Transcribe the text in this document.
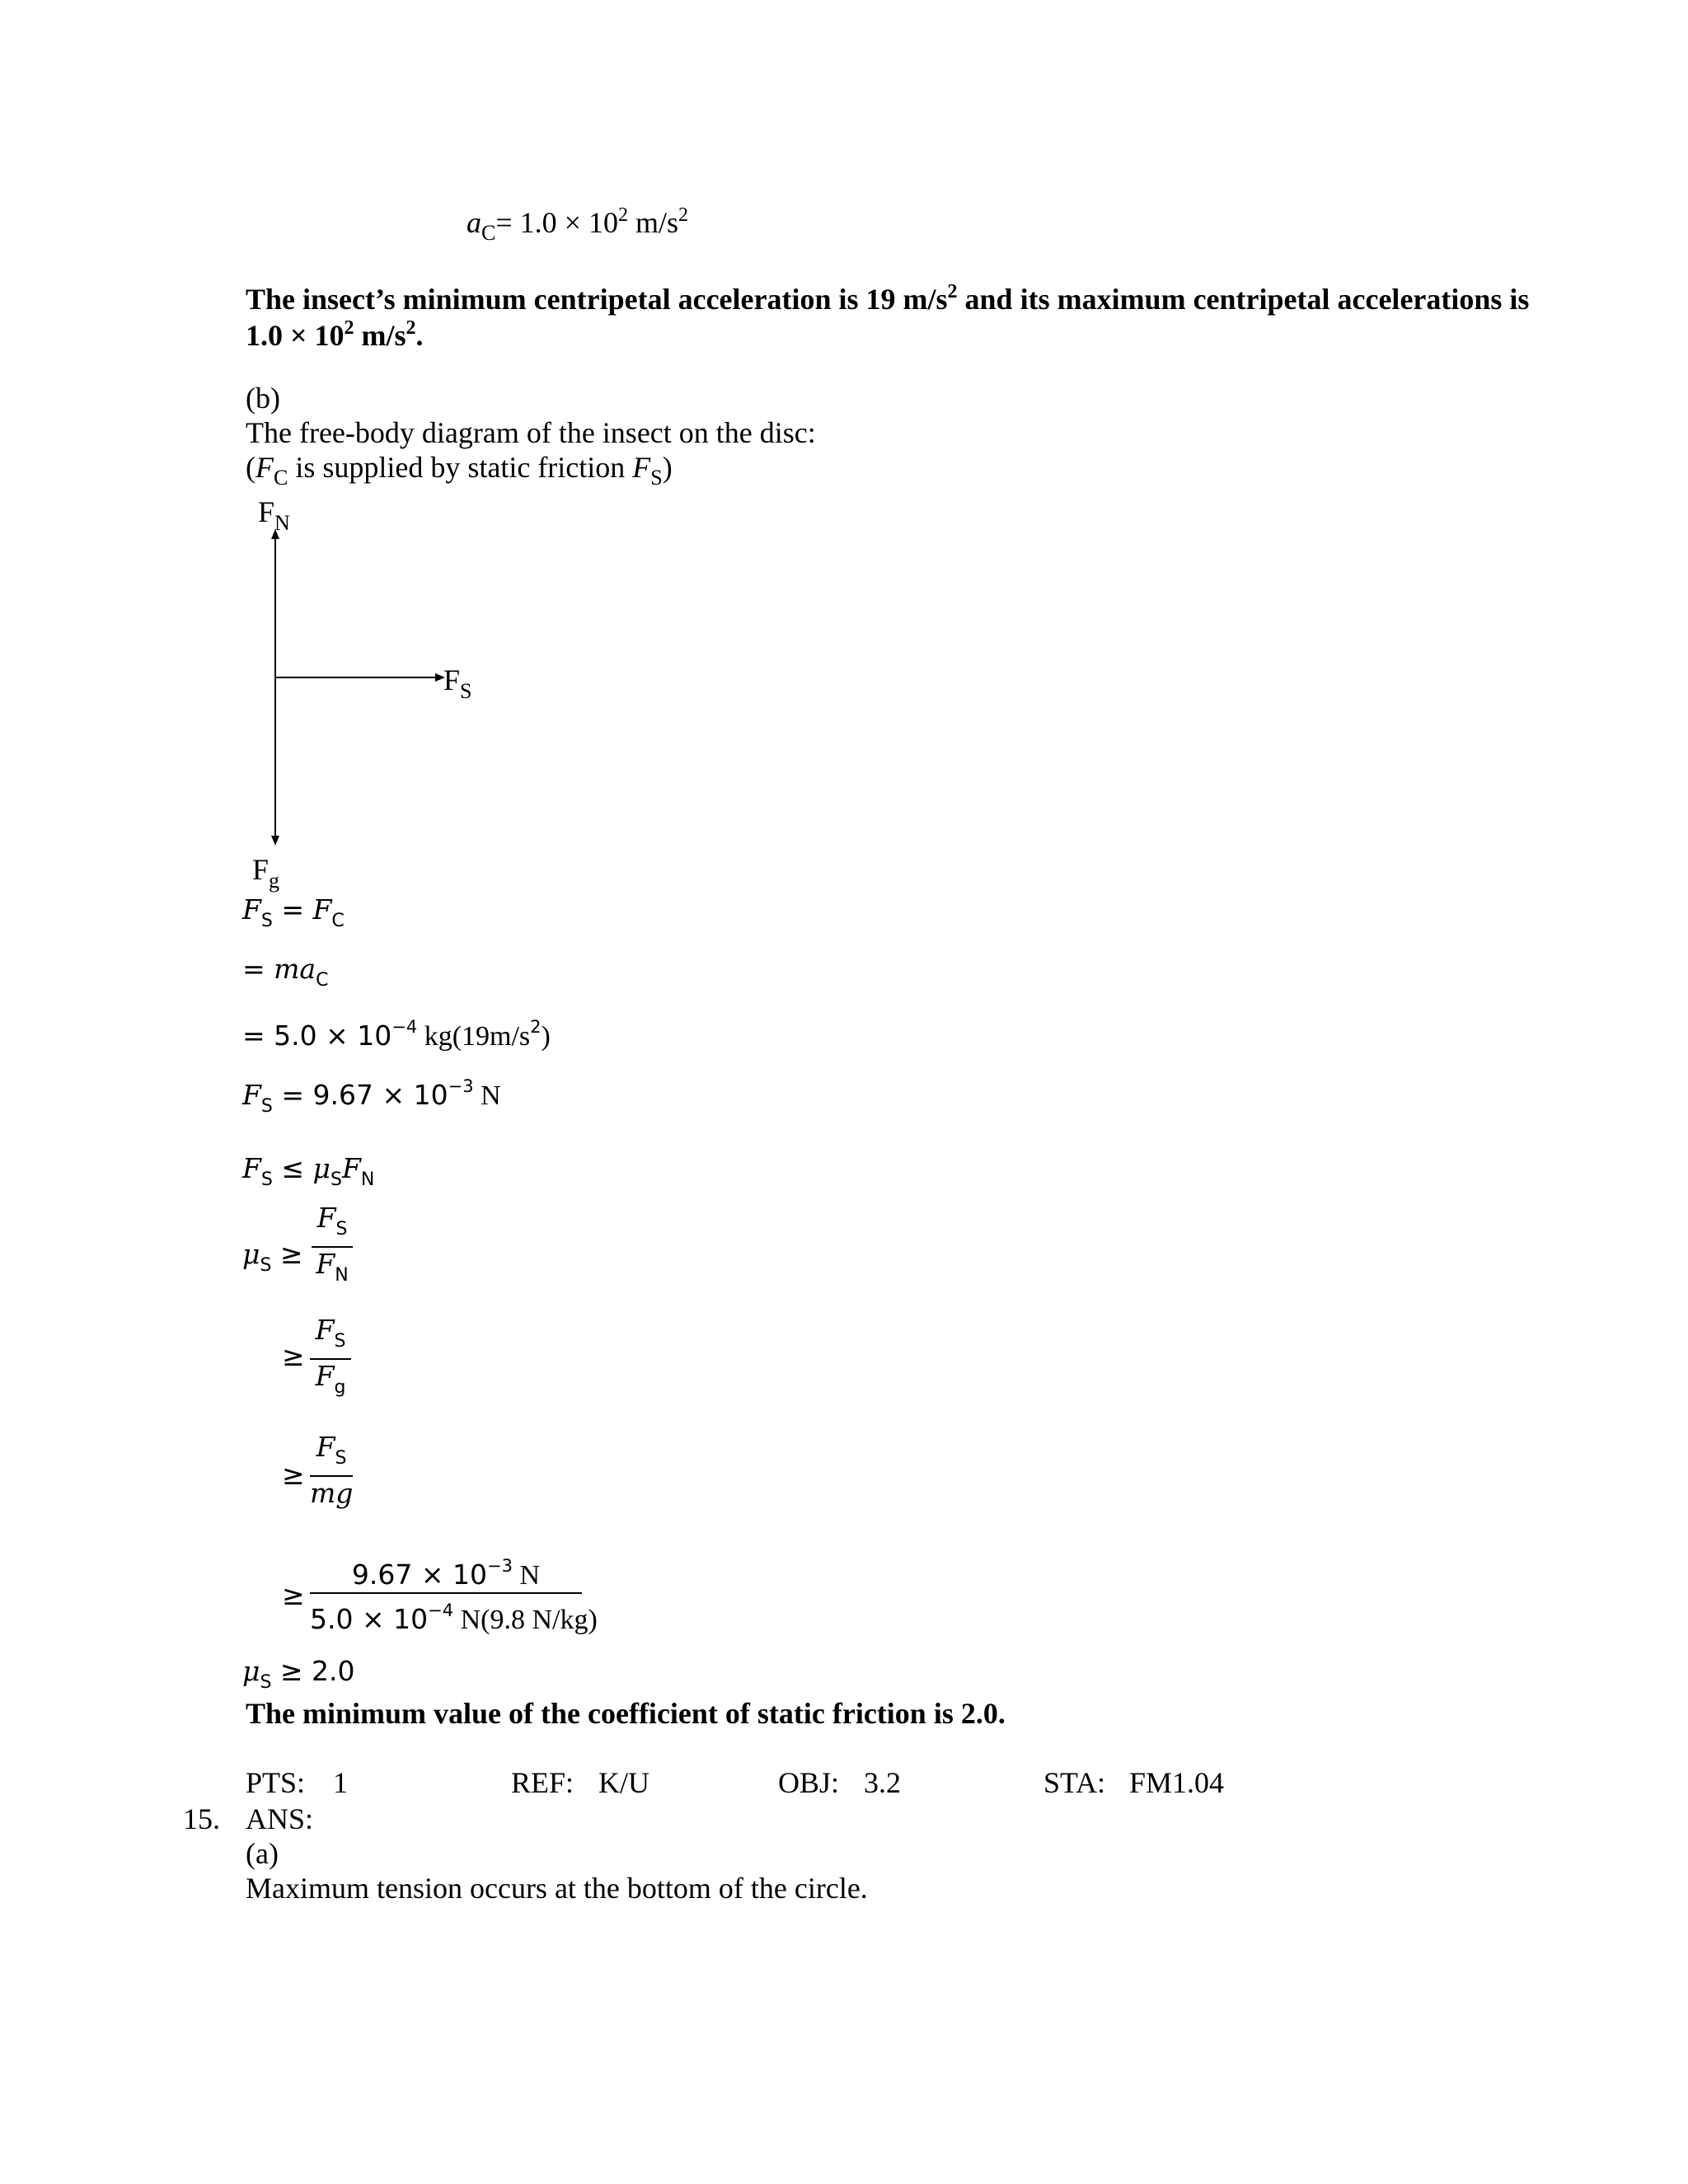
$a_C= 1.0 \times 10^2$ $m/s^2$
The insect’s minimum centripetal acceleration is 19 $m/s^2$ and its maximum centripetal accelerations is
$1.0 \times 10^2$ $m/s^2$.
(b)
The free-body diagram of the insect on the disc:
($F_C$ is supplied by static friction $F_S$)
$F_N$
$F_S$
$F_g$
$F_S = F_C$
= $ma_C$
= $5.0 \times 10^{-4}$ $kg(19m/s^2)$
$F_S = 9.67 \times 10^{-3}$ N
$F_S \le \mu_SF_N$
$\mu_S$ ≥
$F_S$
$F_N$
≥
$F_S$
$F_g$
≥
$F_S$
mg
≥
$9.67 \times 10^{-3}$ N
$5.0 \times 10^{-4}$ N(9.8 N/kg)
$\mu_S \ge 2.0$
The minimum value of the coefficient of static friction is 2.0.
PTS: 1	REF: K/U	OBJ: 3.2	STA: FM1.04
15. ANS:
(a)
Maximum tension occurs at the bottom of the circle.
